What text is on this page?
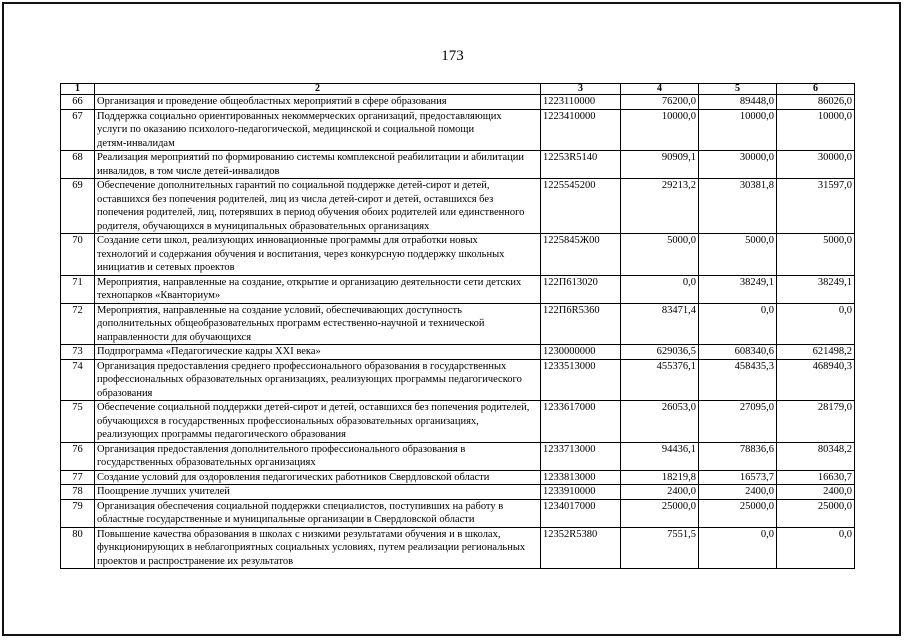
173
1	2	3	4	5	6
66	Организация и проведение общеобластных мероприятий в сфере образования	1223110000	76200,0	89448,0	86026,0
67	Поддержка социально ориентированных некоммерческих организаций, предоставляющих
услуги по оказанию психолого-педагогической, медицинской и социальной помощи
детям-инвалидам	1223410000	10000,0	10000,0	10000,0
68	Реализация мероприятий по формированию системы комплексной реабилитации и абилитации
инвалидов, в том числе детей-инвалидов	12253R5140	90909,1	30000,0	30000,0
69	Обеспечение дополнительных гарантий по социальной поддержке детей-сирот и детей,
оставшихся без попечения родителей, лиц из числа детей-сирот и детей, оставшихся без
попечения родителей, лиц, потерявших в период обучения обоих родителей или единственного
родителя, обучающихся в муниципальных образовательных организациях	1225545200	29213,2	30381,8	31597,0
70	Создание сети школ, реализующих инновационные программы для отработки новых
технологий и содержания обучения и воспитания, через конкурсную поддержку школьных
инициатив и сетевых проектов	1225845Ж00	5000,0	5000,0	5000,0
71	Мероприятия, направленные на создание, открытие и организацию деятельности сети детских
технопарков «Кванториум»	122П613020	0,0	38249,1	38249,1
72	Мероприятия, направленные на создание условий, обеспечивающих доступность
дополнительных общеобразовательных программ естественно-научной и технической
направленности для обучающихся	122П6R5360	83471,4	0,0	0,0
73	Подпрограмма «Педагогические кадры XXI века»	1230000000	629036,5	608340,6	621498,2
74	Организация предоставления среднего профессионального образования в государственных
профессиональных образовательных организациях, реализующих программы педагогического
образования	1233513000	455376,1	458435,3	468940,3
75	Обеспечение социальной поддержки детей-сирот и детей, оставшихся без попечения родителей,
обучающихся в государственных профессиональных образовательных организациях,
реализующих программы педагогического образования	1233617000	26053,0	27095,0	28179,0
76	Организация предоставления дополнительного профессионального образования в
государственных образовательных организациях	1233713000	94436,1	78836,6	80348,2
77	Создание условий для оздоровления педагогических работников Свердловской области	1233813000	18219,8	16573,7	16630,7
78	Поощрение лучших учителей	1233910000	2400,0	2400,0	2400,0
79	Организация обеспечения социальной поддержки специалистов, поступивших на работу в
областные государственные и муниципальные организации в Свердловской области	1234017000	25000,0	25000,0	25000,0
80	Повышение качества образования в школах с низкими результатами обучения и в школах,
функционирующих в неблагоприятных социальных условиях, путем реализации региональных
проектов и распространение их результатов	12352R5380	7551,5	0,0	0,0
